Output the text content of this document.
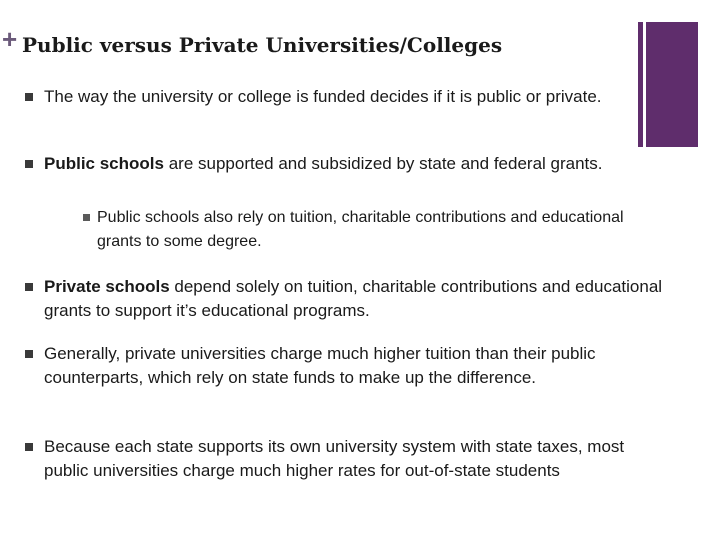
+ Public versus Private Universities/Colleges
The way the university or college is funded decides if it is public or private.
Public schools are supported and subsidized by state and federal grants.
Public schools also rely on tuition, charitable contributions and educational grants to some degree.
Private schools depend solely on tuition, charitable contributions and educational grants to support it’s educational programs.
Generally, private universities charge much higher tuition than their public counterparts, which rely on state funds to make up the difference.
Because each state supports its own university system with state taxes, most public universities charge much higher rates for out-of-state students
